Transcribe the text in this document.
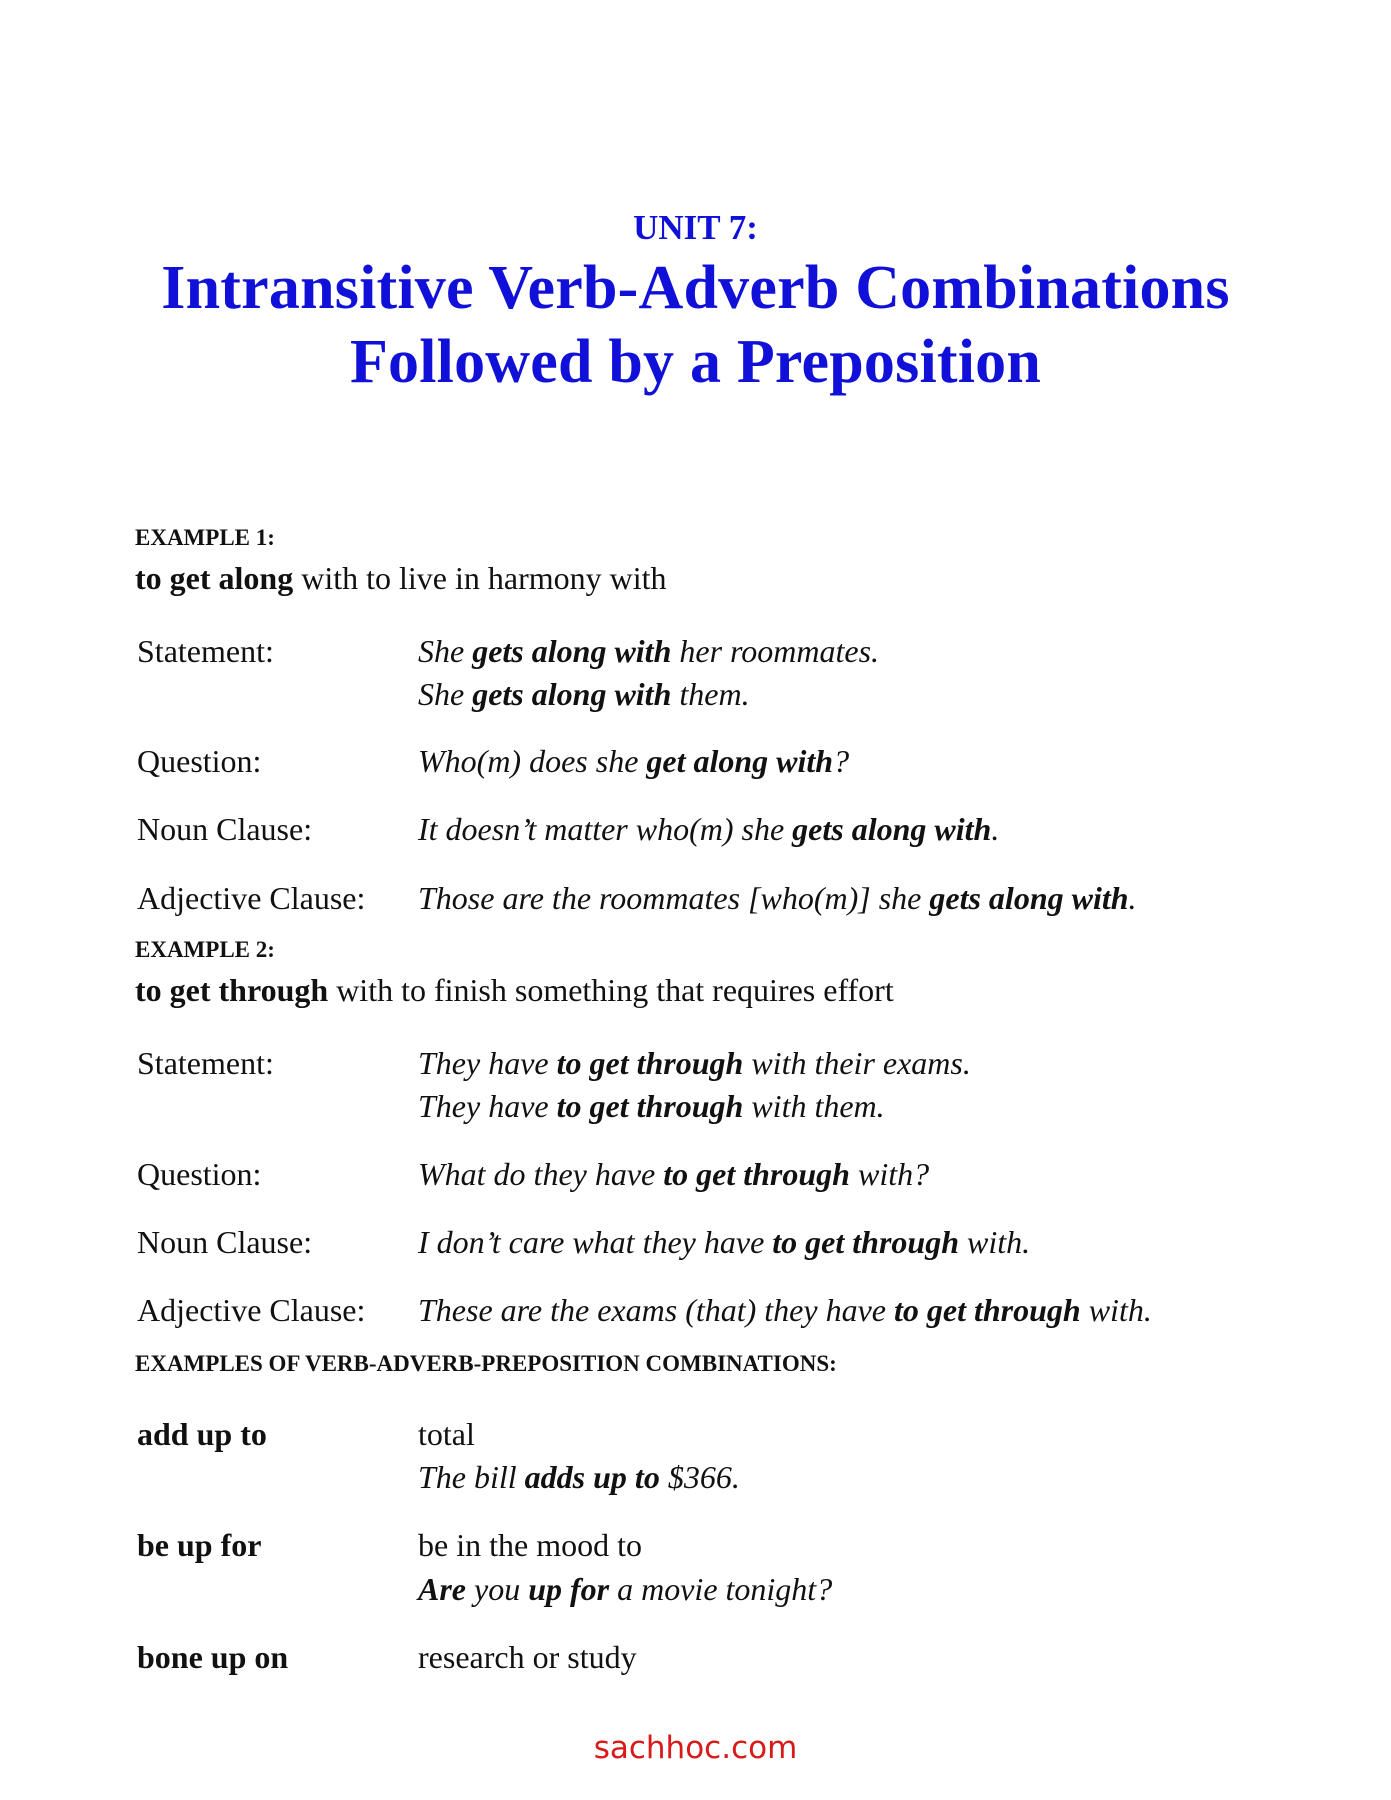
UNIT 7:
Intransitive Verb-Adverb Combinations
Followed by a Preposition
EXAMPLE 1:
to get along with to live in harmony with
Statement:	She gets along with her roommates.
She gets along with them.
Question:	Who(m) does she get along with?
Noun Clause:	It doesn’t matter who(m) she gets along with.
Adjective Clause: Those are the roommates [who(m)] she gets along with.
EXAMPLE 2:
to get through with to finish something that requires effort
Statement:	They have to get through with their exams.
They have to get through with them.
Question:	What do they have to get through with?
Noun Clause:	I don’t care what they have to get through with.
Adjective Clause: These are the exams (that) they have to get through with.
EXAMPLES OF VERB-ADVERB-PREPOSITION COMBINATIONS:
add up to	total
The bill adds up to $366.
be up for	be in the mood to
Are you up for a movie tonight?
bone up on	research or study
sachhoc.com
